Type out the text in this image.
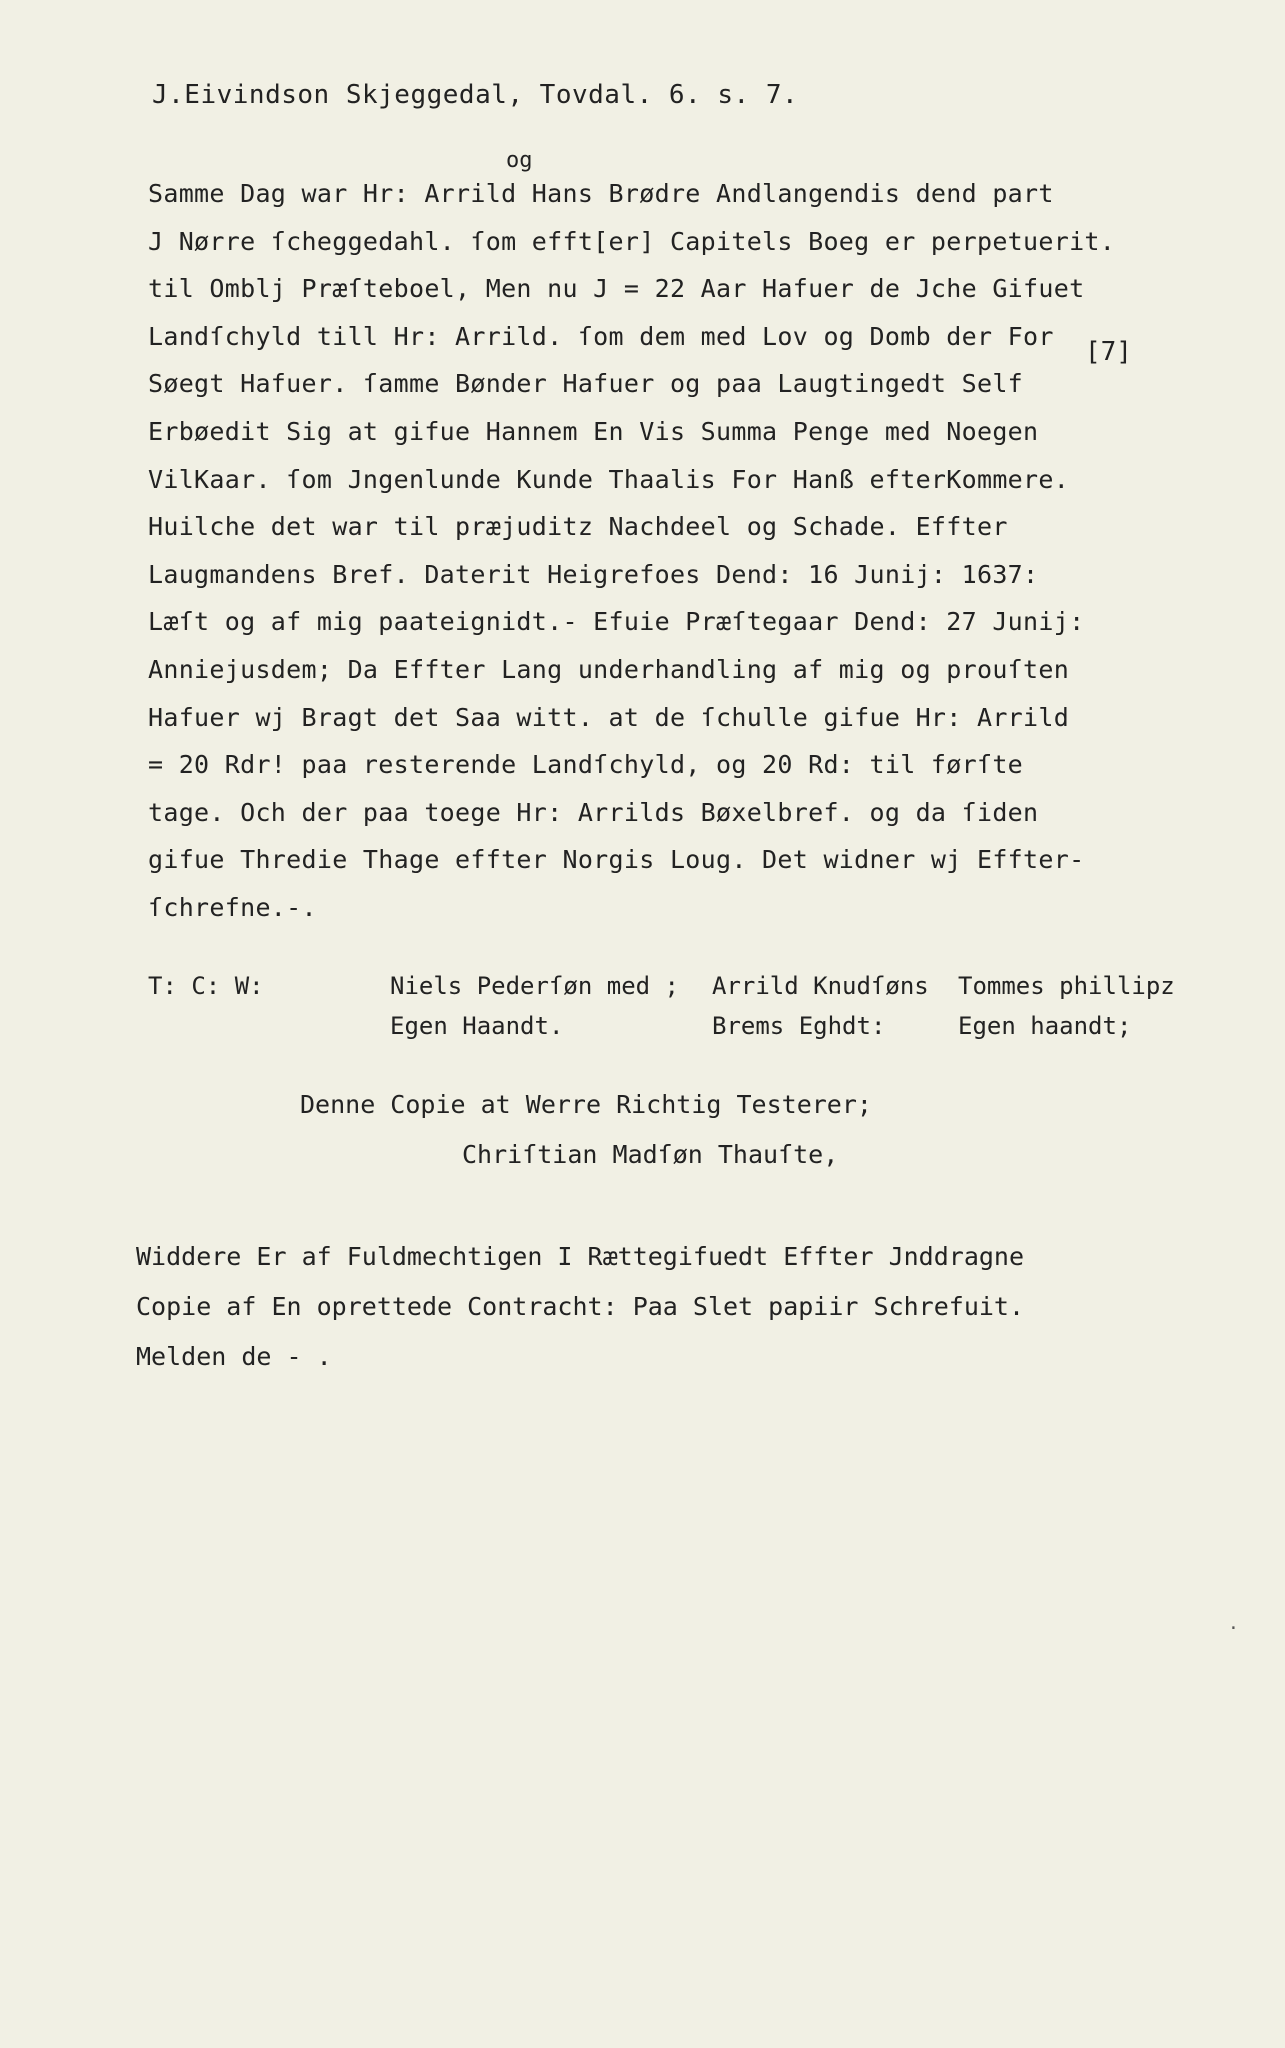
J.Eivindson Skjeggedal, Tovdal. 6. s. 7.
og
[7]
Samme Dag war Hr: Arrild Hans Brødre Andlangendis dend part
J Nørre ſcheggedahl. ſom efft[er] Capitels Boeg er perpetuerit.
til Omblj Præſteboel, Men nu J = 22 Aar Hafuer de Jche Gifuet
Landſchyld till Hr: Arrild. ſom dem med Lov og Domb der For
Søegt Hafuer. ſamme Bønder Hafuer og paa Laugtingedt Self
Erbøedit Sig at gifue Hannem En Vis Summa Penge med Noegen
VilKaar. ſom Jngenlunde Kunde Thaalis For Hanß efterKommere.
Huilche det war til præjuditz Nachdeel og Schade. Effter
Laugmandens Bref. Daterit Heigrefoes Dend: 16 Junij: 1637:
Læſt og af mig paateignidt.- Efuie Præſtegaar Dend: 27 Junij:
Anniejusdem; Da Effter Lang underhandling af mig og prouſten
Hafuer wj Bragt det Saa witt. at de ſchulle gifue Hr: Arrild
= 20 Rdr! paa resterende Landſchyld, og 20 Rd: til førſte
tage. Och der paa toege Hr: Arrilds Bøxelbref. og da ſiden
gifue Thredie Thage effter Norgis Loug. Det widner wj Effter-
ſchrefne.-.
T: C: W:	Niels Pederſøn med ;
Egen Haandt.
Arrild Knudſøns
Brems Eghdt:
Tommes phillipz
Egen haandt;
Denne Copie at Werre Richtig Testerer;
Chriſtian Madſøn Thauſte,
Widdere Er af Fuldmechtigen I Rættegifuedt Effter Jnddragne
Copie af En oprettede Contracht: Paa Slet papiir Schrefuit.
Melden de - .
·
